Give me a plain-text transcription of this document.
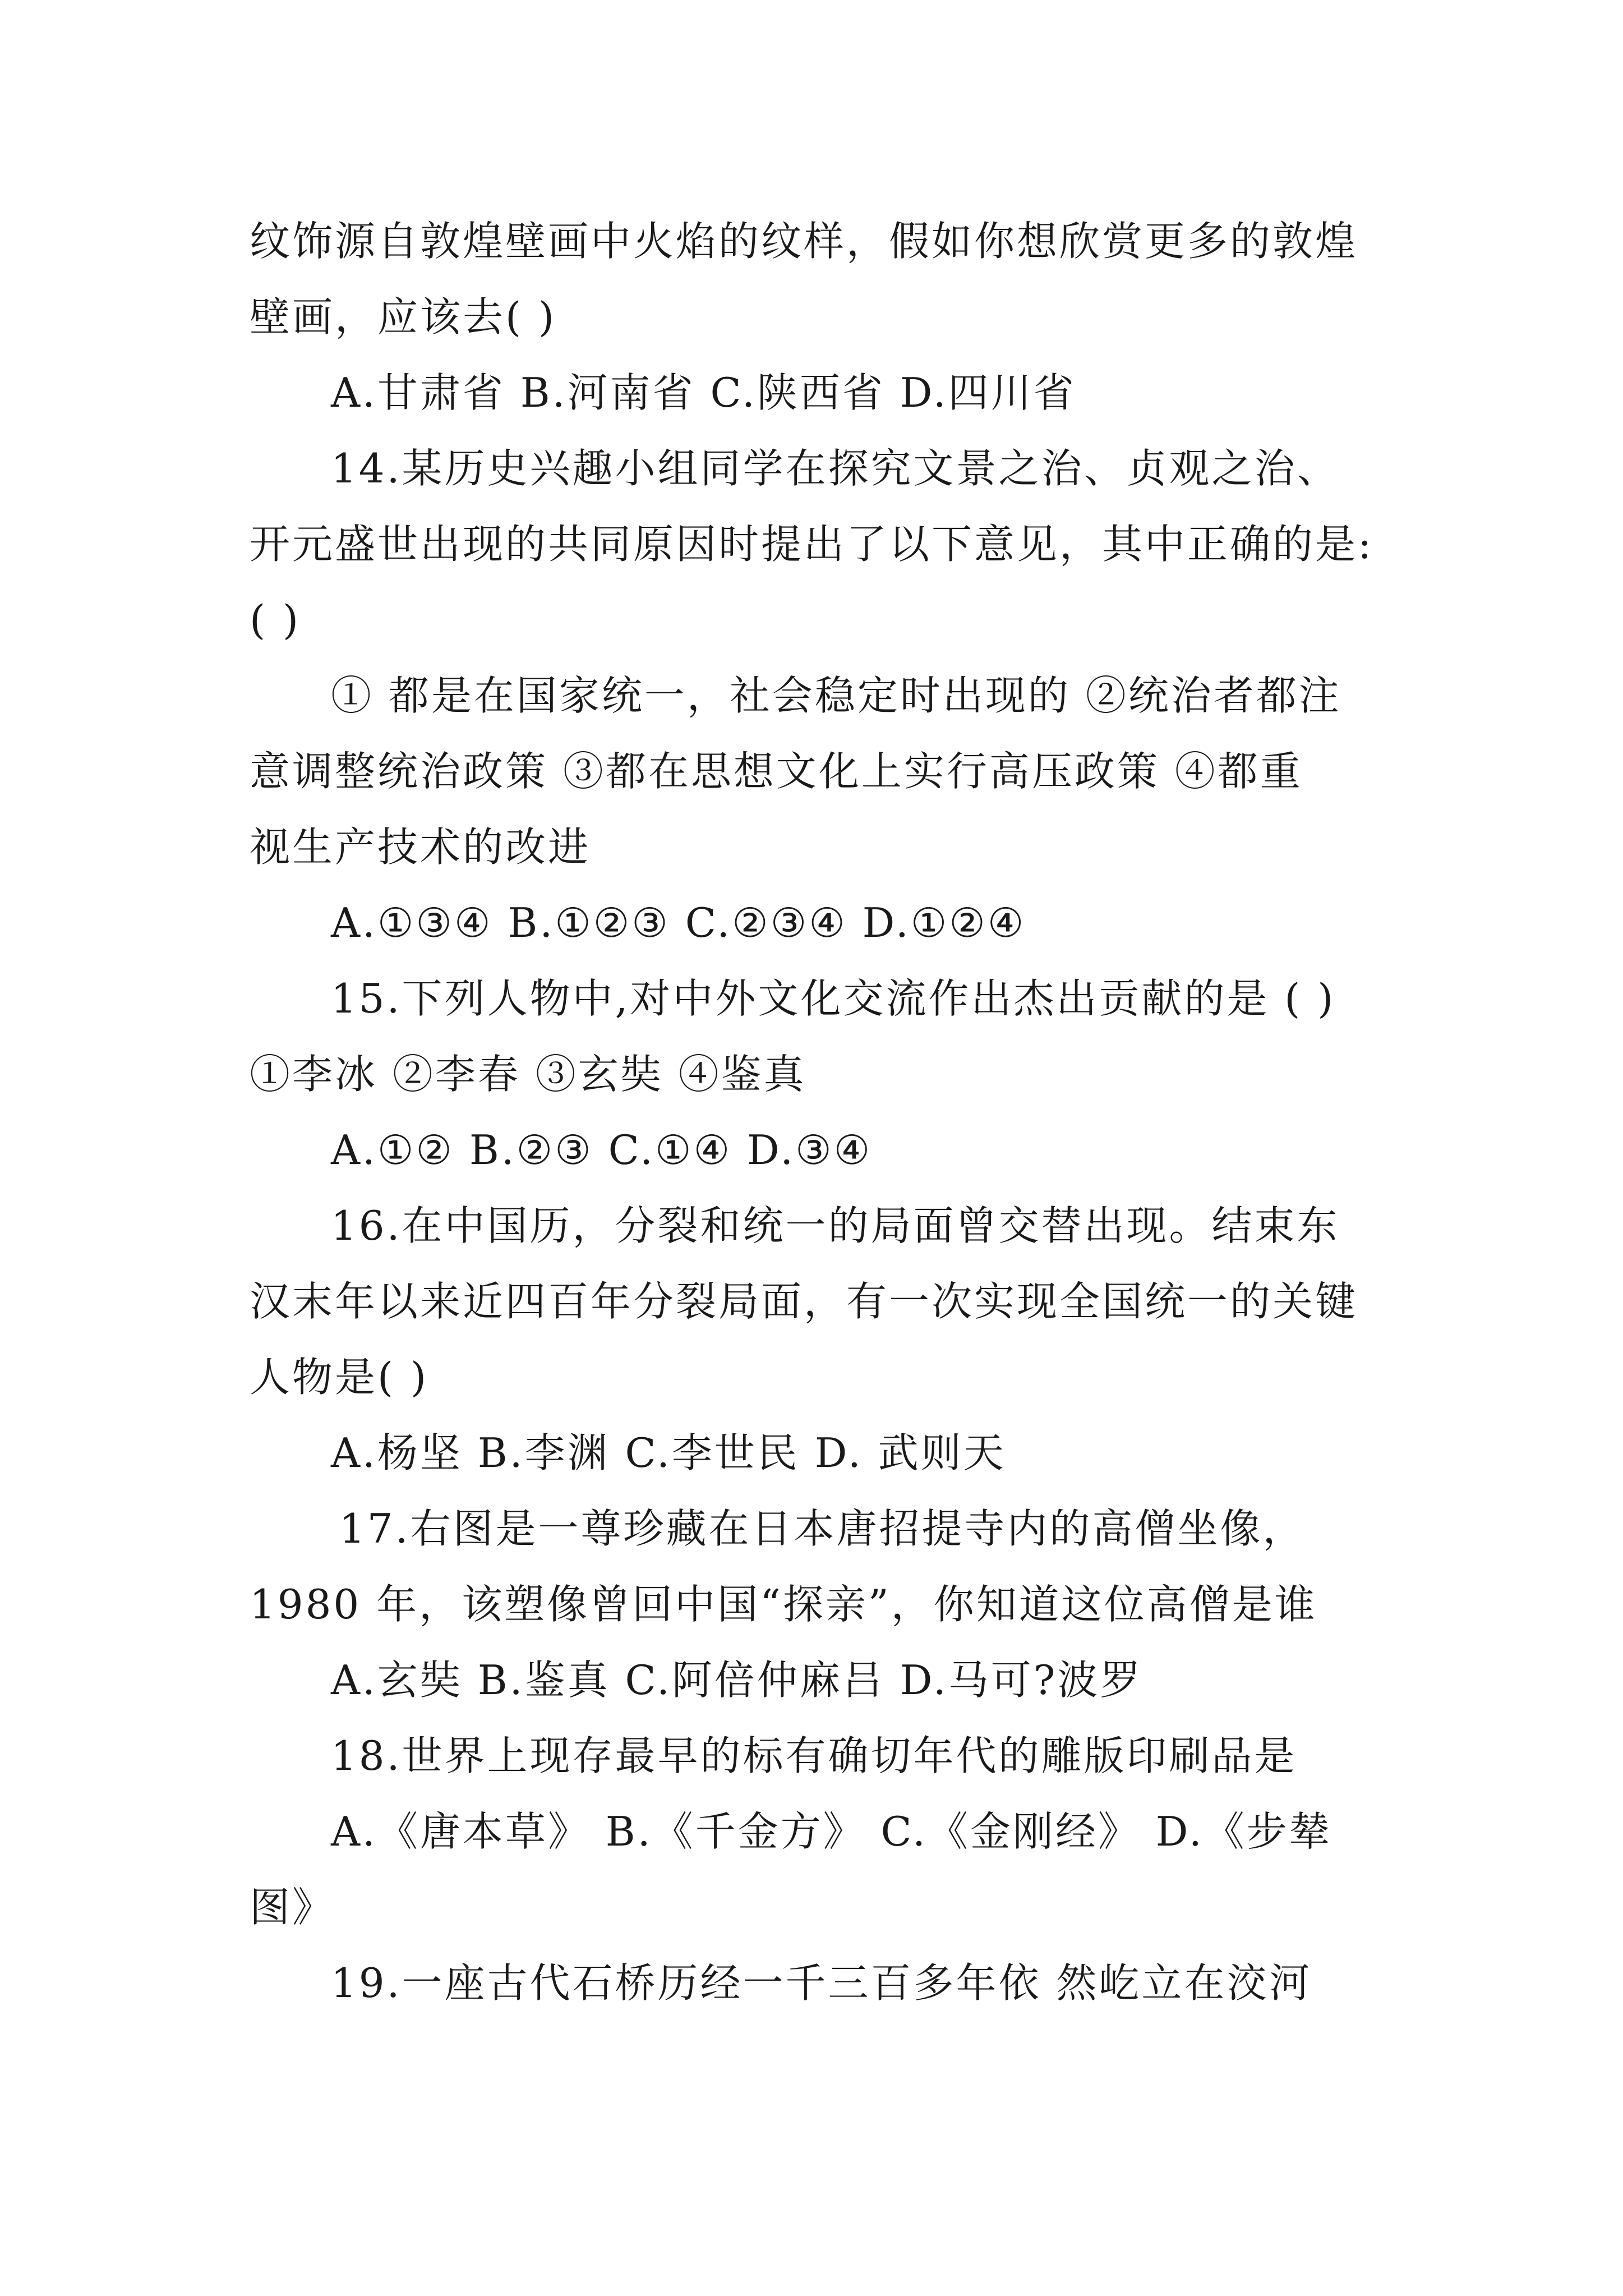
纹饰源自敦煌壁画中火焰的纹样，假如你想欣赏更多的敦煌
壁画，应该去( )
A.甘肃省 B.河南省 C.陕西省 D.四川省
14.某历史兴趣小组同学在探究文景之治、贞观之治、
开元盛世出现的共同原因时提出了以下意见，其中正确的是:
( )
① 都是在国家统一，社会稳定时出现的 ②统治者都注
意调整统治政策 ③都在思想文化上实行高压政策 ④都重
视生产技术的改进
A.①③④ B.①②③ C.②③④ D.①②④
15.下列人物中,对中外文化交流作出杰出贡献的是 ( )
①李冰 ②李春 ③玄奘 ④鉴真
A.①② B.②③ C.①④ D.③④
16.在中国历，分裂和统一的局面曾交替出现。结束东
汉末年以来近四百年分裂局面，有一次实现全国统一的关键
人物是( )
A.杨坚 B.李渊 C.李世民 D. 武则天
17.右图是一尊珍藏在日本唐招提寺内的高僧坐像，
1980 年，该塑像曾回中国“探亲”，你知道这位高僧是谁
A.玄奘 B.鉴真 C.阿倍仲麻吕 D.马可?波罗
18.世界上现存最早的标有确切年代的雕版印刷品是
A.《唐本草》 B.《千金方》 C.《金刚经》 D.《步辇
图》
19.一座古代石桥历经一千三百多年依 然屹立在洨河
